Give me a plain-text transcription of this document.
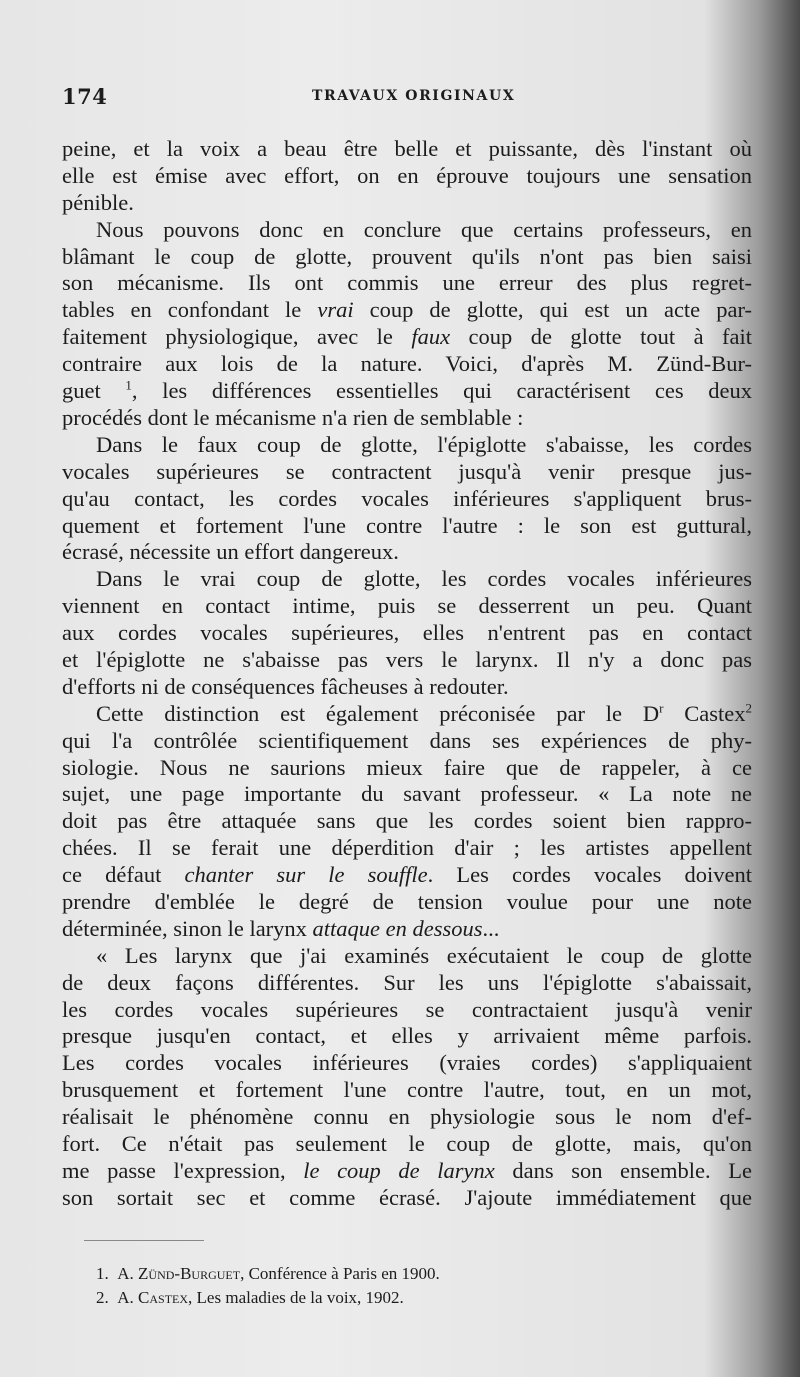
174	TRAVAUX ORIGINAUX
peine, et la voix a beau être belle et puissante, dès l'instant où
elle est émise avec effort, on en éprouve toujours une sensation
pénible.
Nous pouvons donc en conclure que certains professeurs, en
blâmant le coup de glotte, prouvent qu'ils n'ont pas bien saisi
son mécanisme. Ils ont commis une erreur des plus regret-
tables en confondant le vrai coup de glotte, qui est un acte par-
faitement physiologique, avec le faux coup de glotte tout à fait
contraire aux lois de la nature. Voici, d'après M. Zünd-Bur-
guet $^1$, les différences essentielles qui caractérisent ces deux
procédés dont le mécanisme n'a rien de semblable :
Dans le faux coup de glotte, l'épiglotte s'abaisse, les cordes
vocales supérieures se contractent jusqu'à venir presque jus-
qu'au contact, les cordes vocales inférieures s'appliquent brus-
quement et fortement l'une contre l'autre : le son est guttural,
écrasé, nécessite un effort dangereux.
Dans le vrai coup de glotte, les cordes vocales inférieures
viennent en contact intime, puis se desserrent un peu. Quant
aux cordes vocales supérieures, elles n'entrent pas en contact
et l'épiglotte ne s'abaisse pas vers le larynx. Il n'y a donc pas
d'efforts ni de conséquences fâcheuses à redouter.
Cette distinction est également préconisée par le $D^r$ Castex$^2$
qui l'a contrôlée scientifiquement dans ses expériences de phy-
siologie. Nous ne saurions mieux faire que de rappeler, à ce
sujet, une page importante du savant professeur. « La note ne
doit pas être attaquée sans que les cordes soient bien rappro-
chées. Il se ferait une déperdition d'air ; les artistes appellent
ce défaut chanter sur le souffle. Les cordes vocales doivent
prendre d'emblée le degré de tension voulue pour une note
déterminée, sinon le larynx attaque en dessous...
« Les larynx que j'ai examinés exécutaient le coup de glotte
de deux façons différentes. Sur les uns l'épiglotte s'abaissait,
les cordes vocales supérieures se contractaient jusqu'à venir
presque jusqu'en contact, et elles y arrivaient même parfois.
Les cordes vocales inférieures (vraies cordes) s'appliquaient
brusquement et fortement l'une contre l'autre, tout, en un mot,
réalisait le phénomène connu en physiologie sous le nom d'ef-
fort. Ce n'était pas seulement le coup de glotte, mais, qu'on
me passe l'expression, le coup de larynx dans son ensemble. Le
son sortait sec et comme écrasé. J'ajoute immédiatement que
1. A. Zünd-Burguet, Conférence à Paris en 1900.
2. A. Castex, Les maladies de la voix, 1902.
